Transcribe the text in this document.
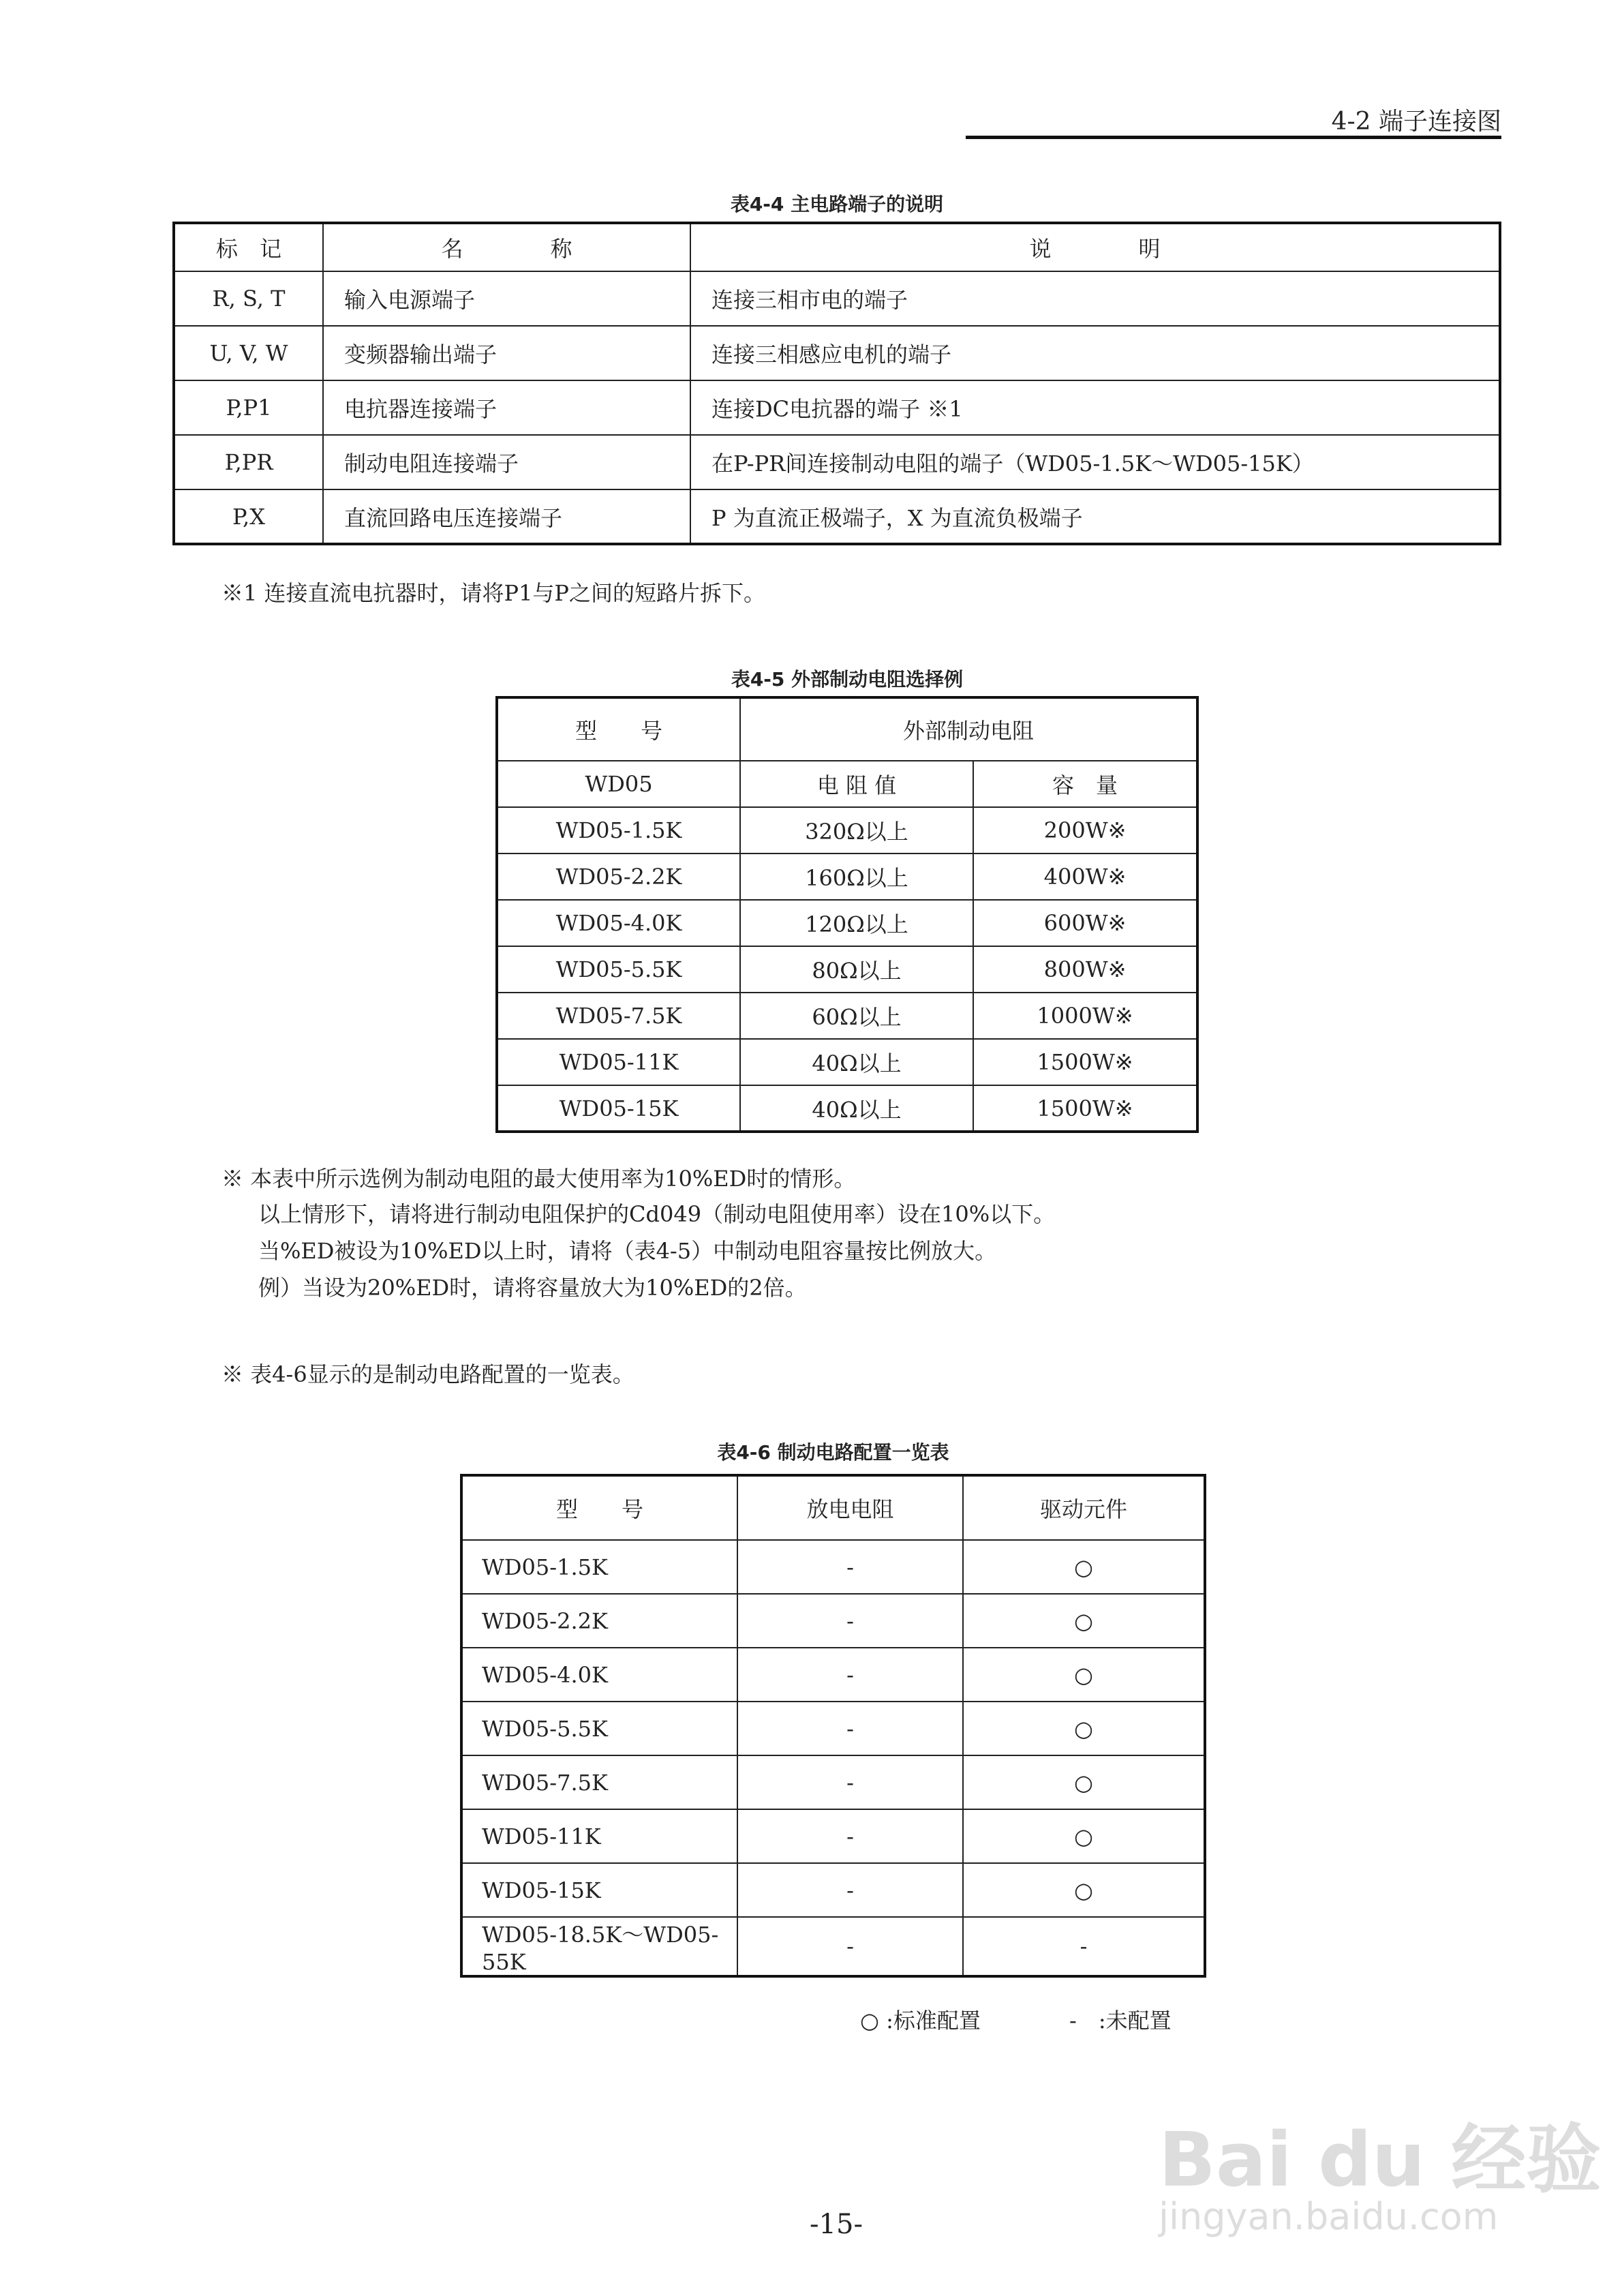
4-2 端子连接图
表4-4 主电路端子的说明
标　记	名　　　　称	说　　　　明
R, S, T	输入电源端子	连接三相市电的端子
U, V, W	变频器输出端子	连接三相感应电机的端子
P,P1	电抗器连接端子	连接DC电抗器的端子 ※1
P,PR	制动电阻连接端子	在P-PR间连接制动电阻的端子（WD05-1.5K～WD05-15K）
P,X	直流回路电压连接端子	P 为直流正极端子，X 为直流负极端子
※1 连接直流电抗器时，请将P1与P之间的短路片拆下。
表4-5 外部制动电阻选择例
型　　号	外部制动电阻	
WD05	电 阻 值	容　量
WD05-1.5K	320Ω以上	200W※
WD05-2.2K	160Ω以上	400W※
WD05-4.0K	120Ω以上	600W※
WD05-5.5K	80Ω以上	800W※
WD05-7.5K	60Ω以上	1000W※
WD05-11K	40Ω以上	1500W※
WD05-15K	40Ω以上	1500W※
※ 本表中所示选例为制动电阻的最大使用率为10%ED时的情形。
以上情形下，请将进行制动电阻保护的Cd049（制动电阻使用率）设在10%以下。
当%ED被设为10%ED以上时，请将（表4-5）中制动电阻容量按比例放大。
例）当设为20%ED时，请将容量放大为10%ED的2倍。
※ 表4-6显示的是制动电路配置的一览表。
表4-6 制动电路配置一览表
型　　号	放电电阻	驱动元件
WD05-1.5K	-	○
WD05-2.2K	-	○
WD05-4.0K	-	○
WD05-5.5K	-	○
WD05-7.5K	-	○
WD05-11K	-	○
WD05-15K	-	○
WD05-18.5K～WD05-55K	-	-
○ :标准配置	-　:未配置
-15-
Bai du 经验
jingyan.baidu.com
